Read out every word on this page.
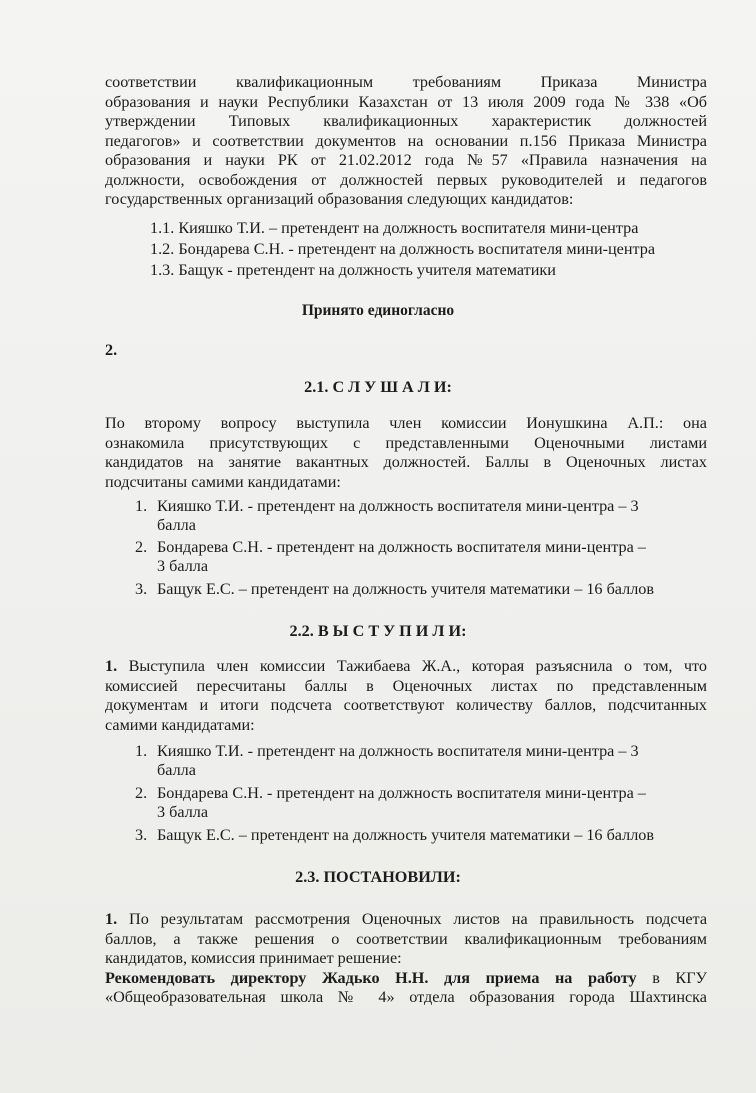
соответствии квалификационным требованиям Приказа Министра
образования и науки Республики Казахстан от 13 июля 2009 года № 338 «Об
утверждении Типовых квалификационных характеристик должностей
педагогов» и соответствии документов на основании п.156 Приказа Министра
образования и науки РК от 21.02.2012 года №57 «Правила назначения на
должности, освобождения от должностей первых руководителей и педагогов
государственных организаций образования следующих кандидатов:
1.1. Кияшко Т.И. – претендент на должность воспитателя мини-центра
1.2. Бондарева С.Н. - претендент на должность воспитателя мини-центра
1.3. Бащук - претендент на должность учителя математики
Принято единогласно
2.
2.1. С Л У Ш А Л И:
По второму вопросу выступила член комиссии Ионушкина А.П.: она
ознакомила присутствующих с представленными Оценочными листами
кандидатов на занятие вакантных должностей. Баллы в Оценочных листах
подсчитаны самими кандидатами:
1. Кияшко Т.И. - претендент на должность воспитателя мини-центра – 3
балла
2. Бондарева С.Н. - претендент на должность воспитателя мини-центра –
3 балла
3. Бащук Е.С. – претендент на должность учителя математики – 16 баллов
2.2. В Ы С Т У П И Л И:
1. Выступила член комиссии Тажибаева Ж.А., которая разъяснила о том, что
комиссией пересчитаны баллы в Оценочных листах по представленным
документам и итоги подсчета соответствуют количеству баллов, подсчитанных
самими кандидатами:
1. Кияшко Т.И. - претендент на должность воспитателя мини-центра – 3
балла
2. Бондарева С.Н. - претендент на должность воспитателя мини-центра –
3 балла
3. Бащук Е.С. – претендент на должность учителя математики – 16 баллов
2.3. ПОСТАНОВИЛИ:
1. По результатам рассмотрения Оценочных листов на правильность подсчета
баллов, а также решения о соответствии квалификационным требованиям
кандидатов, комиссия принимает решение:
Рекомендовать директору Жадько Н.Н. для приема на работу в КГУ
«Общеобразовательная школа № 4» отдела образования города Шахтинска
